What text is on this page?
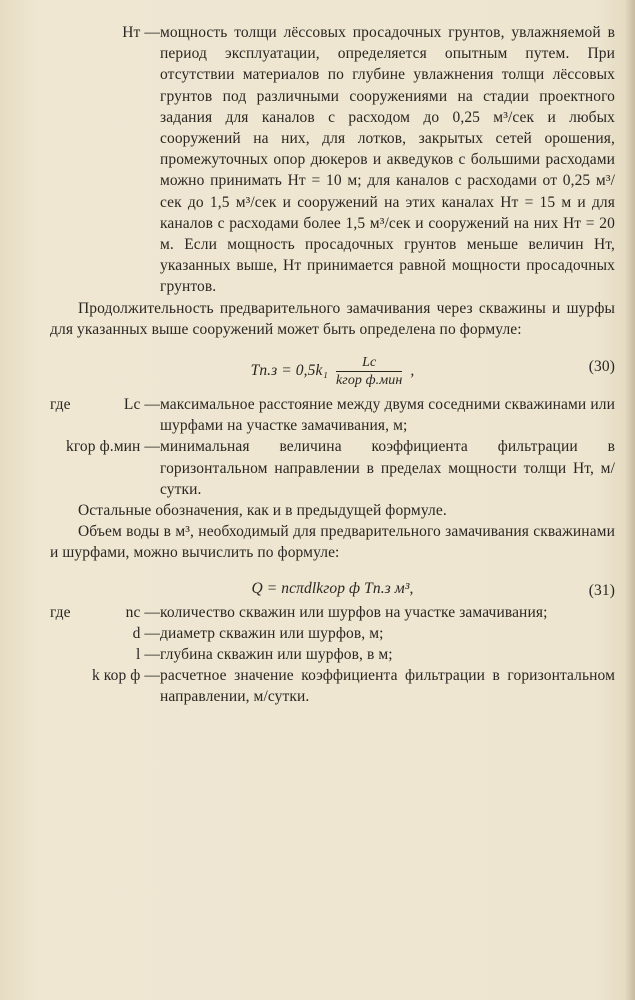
Hт — мощность толщи лёссовых просадочных грунтов, увлажняемой в период эксплуатации, определяется опытным путем. При отсутствии материалов по глубине увлажнения толщи лёссовых грунтов под различными сооружениями на стадии проектного задания для каналов с расходом до 0,25 м³/сек и любых сооружений на них, для лотков, закрытых сетей орошения, промежуточных опор дюкеров и акведуков с большими расходами можно принимать Hт = 10 м; для каналов с расходами от 0,25 м³/сек до 1,5 м³/сек и сооружений на этих каналах Hт = 15 м и для каналов с расходами более 1,5 м³/сек и сооружений на них Hт = 20 м. Если мощность просадочных грунтов меньше величин Hт, указанных выше, Hт принимается равной мощности просадочных грунтов.

Продолжительность предварительного замачивания через скважины и шурфы для указанных выше сооружений может быть определена по формуле:

$Tп.з = 0,5k_1 \frac{Lс}{\text{kгор ф.мин}}$ ,	(30)
где	Lс — максимальное расстояние между двумя соседними скважинами или шурфами на участке замачивания, м;
kгор ф.мин — минимальная величина коэффициента фильтрации в горизонтальном направлении в пределах мощности толщи Hт, м/сутки.

Остальные обозначения, как и в предыдущей формуле.

Объем воды в м³, необходимый для предварительного замачивания скважинами и шурфами, можно вычислить по формуле:

Q = nсπdlkгор ф Tп.з м³,	(31)
где	nс — количество скважин или шурфов на участке замачивания;
d — диаметр скважин или шурфов, м;
l — глубина скважин или шурфов, в м;
k кор ф — расчетное значение коэффициента фильтрации в горизонтальном направлении, м/сутки.
